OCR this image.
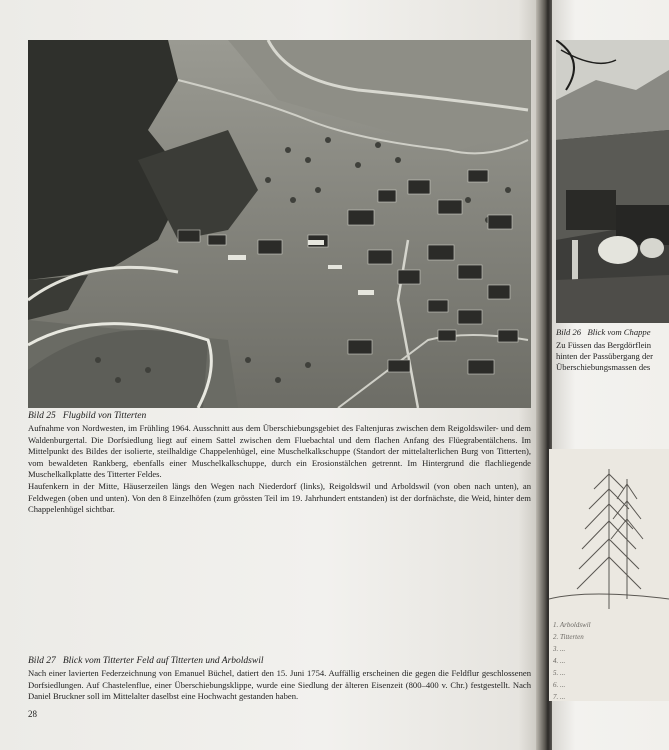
Bild 25 Flugbild von Titterten

Aufnahme von Nordwesten, im Frühling 1964. Ausschnitt aus dem Überschiebungsgebiet des Faltenjuras zwischen dem Reigoldswiler- und dem Waldenburgertal. Die Dorfsiedlung liegt auf einem Sattel zwischen dem Fluebachtal und dem flachen Anfang des Flüegrabentälchens. Im Mittelpunkt des Bildes der isolierte, steilhaldige Chappelenhügel, eine Muschelkalkschuppe (Standort der mittelalterlichen Burg von Titterten), vom bewaldeten Rankberg, ebenfalls einer Muschelkalkschuppe, durch ein Erosionstälchen getrennt. Im Hintergrund die flachliegende Muschelkalkplatte des Titterter Feldes.

Haufenkern in der Mitte, Häuserzeilen längs den Wegen nach Niederdorf (links), Reigoldswil und Arboldswil (von oben nach unten), an Feldwegen (oben und unten). Von den 8 Einzelhöfen (zum grössten Teil im 19. Jahrhundert entstanden) ist der dorfnächste, die Weid, hinter dem Chappelenhügel sichtbar.

Bild 27 Blick vom Titterter Feld auf Titterten und Arboldswil

Nach einer lavierten Federzeichnung von Emanuel Büchel, datiert den 15. Juni 1754. Auffällig erscheinen die gegen die Feldflur geschlossenen Dorfsiedlungen. Auf Chastelenflue, einer Überschiebungsklippe, wurde eine Siedlung der älteren Eisenzeit (800–400 v. Chr.) festgestellt. Nach Daniel Bruckner soll im Mittelalter daselbst eine Hochwacht gestanden haben.

28
Bild 26 Blick vom Chappe
Zu Füssen das Bergdörflein
hinten der Passübergang der
Überschiebungsmassen des
1. Arboldswil
2. Titterten
3. ...
4. ...
5. ...
6. ...
7. ...
